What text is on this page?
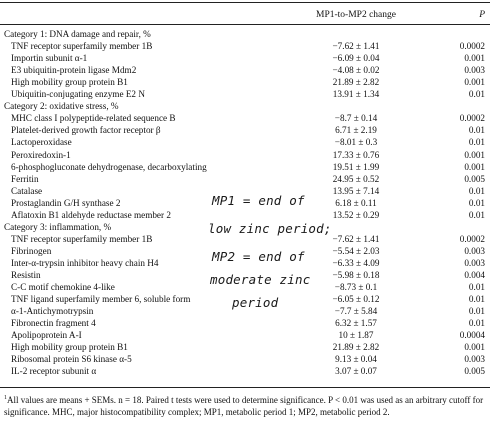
MP1-to-MP2 change	P
Category 1: DNA damage and repair, %
TNF receptor superfamily member 1B	−7.62 ± 1.41	0.0002
Importin subunit α-1	−6.09 ± 0.04	0.001
E3 ubiquitin-protein ligase Mdm2	−4.08 ± 0.02	0.003
High mobility group protein B1	21.89 ± 2.82	0.001
Ubiquitin-conjugating enzyme E2 N	13.91 ± 1.34	0.01
Category 2: oxidative stress, %
MHC class I polypeptide-related sequence B	−8.7 ± 0.14	0.0002
Platelet-derived growth factor receptor β	6.71 ± 2.19	0.01
Lactoperoxidase	−8.01 ± 0.3	0.01
Peroxiredoxin-1	17.33 ± 0.76	0.001
6-phosphogluconate dehydrogenase, decarboxylating	19.51 ± 1.99	0.001
Ferritin	24.95 ± 0.52	0.005
Catalase	13.95 ± 7.14	0.01
Prostaglandin G/H synthase 2	6.18 ± 0.11	0.01
Aflatoxin B1 aldehyde reductase member 2	13.52 ± 0.29	0.01
Category 3: inflammation, %
TNF receptor superfamily member 1B	−7.62 ± 1.41	0.0002
Fibrinogen	−5.54 ± 2.03	0.003
Inter-α-trypsin inhibitor heavy chain H4	−6.33 ± 4.09	0.003
Resistin	−5.98 ± 0.18	0.004
C-C motif chemokine 4-like	−8.73 ± 0.1	0.01
TNF ligand superfamily member 6, soluble form	−6.05 ± 0.12	0.01
α-1-Antichymotrypsin	−7.7 ± 5.84	0.01
Fibronectin fragment 4	6.32 ± 1.57	0.01
Apolipoprotein A-I	10 ± 1.87	0.0004
High mobility group protein B1	21.89 ± 2.82	0.001
Ribosomal protein S6 kinase α-5	9.13 ± 0.04	0.003
IL-2 receptor subunit α	3.07 ± 0.07	0.005
$^1$All values are means + SEMs. n = 18. Paired t tests were used to determine significance. P < 0.01 was used as an arbitrary cutoff for significance. MHC, major histocompatibility complex; MP1, metabolic period 1; MP2, metabolic period 2.
MP1 = end of
low zinc period;
MP2 = end of
moderate zinc
period
